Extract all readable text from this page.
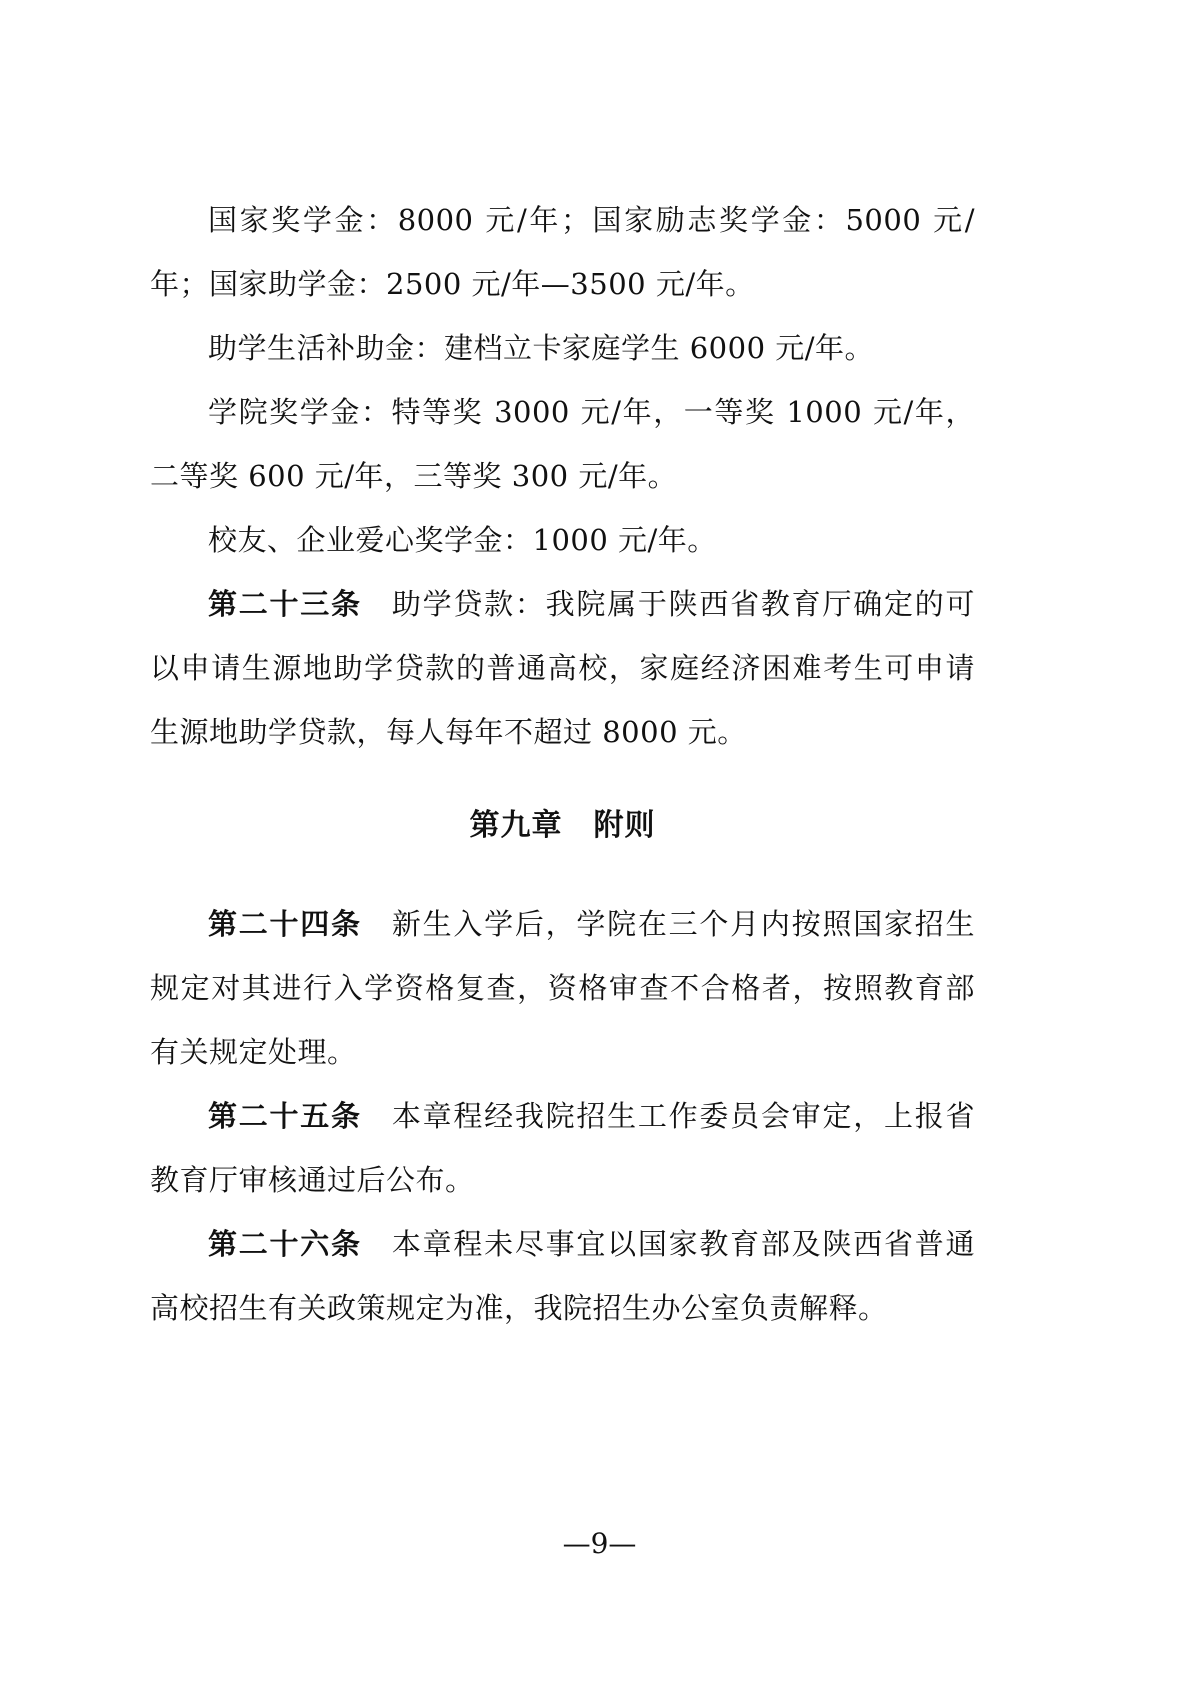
国家奖学金：8000 元/年；国家励志奖学金：5000 元/年；国家助学金：2500 元/年—3500 元/年。

助学生活补助金：建档立卡家庭学生 6000 元/年。

学院奖学金：特等奖 3000 元/年，一等奖 1000 元/年，二等奖 600 元/年，三等奖 300 元/年。

校友、企业爱心奖学金：1000 元/年。

第二十三条 助学贷款：我院属于陕西省教育厅确定的可以申请生源地助学贷款的普通高校，家庭经济困难考生可申请生源地助学贷款，每人每年不超过 8000 元。

第九章　附则

第二十四条 新生入学后，学院在三个月内按照国家招生规定对其进行入学资格复查，资格审查不合格者，按照教育部有关规定处理。

第二十五条 本章程经我院招生工作委员会审定，上报省教育厅审核通过后公布。

第二十六条 本章程未尽事宜以国家教育部及陕西省普通高校招生有关政策规定为准，我院招生办公室负责解释。

—9—
